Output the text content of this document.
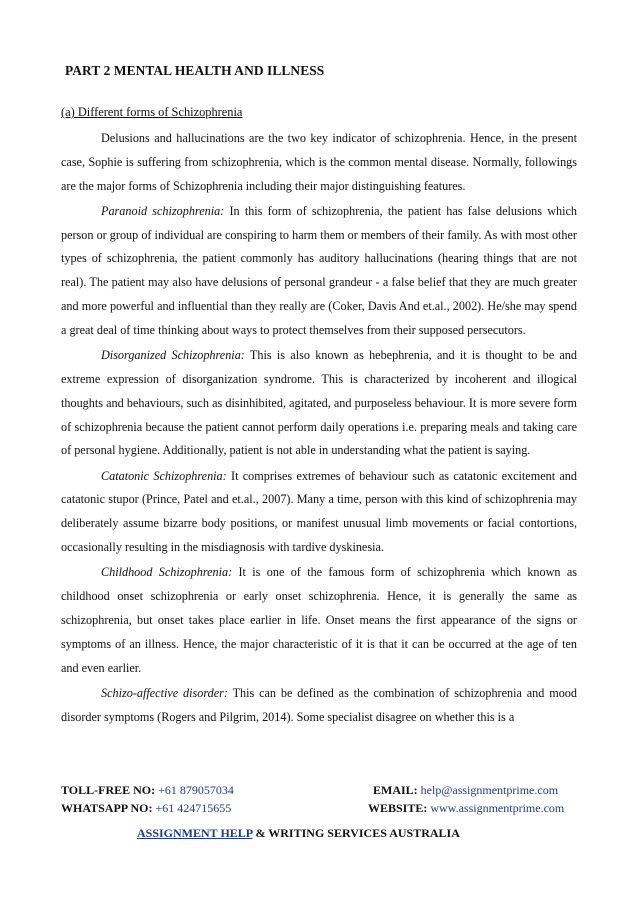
PART 2 MENTAL HEALTH AND ILLNESS
(a) Different forms of Schizophrenia

Delusions and hallucinations are the two key indicator of schizophrenia. Hence, in the present case, Sophie is suffering from schizophrenia, which is the common mental disease. Normally, followings are the major forms of Schizophrenia including their major distinguishing features.

Paranoid schizophrenia: In this form of schizophrenia, the patient has false delusions which person or group of individual are conspiring to harm them or members of their family. As with most other types of schizophrenia, the patient commonly has auditory hallucinations (hearing things that are not real). The patient may also have delusions of personal grandeur - a false belief that they are much greater and more powerful and influential than they really are (Coker, Davis And et.al., 2002). He/she may spend a great deal of time thinking about ways to protect themselves from their supposed persecutors.

Disorganized Schizophrenia: This is also known as hebephrenia, and it is thought to be and extreme expression of disorganization syndrome. This is characterized by incoherent and illogical thoughts and behaviours, such as disinhibited, agitated, and purposeless behaviour. It is more severe form of schizophrenia because the patient cannot perform daily operations i.e. preparing meals and taking care of personal hygiene. Additionally, patient is not able in understanding what the patient is saying.

Catatonic Schizophrenia: It comprises extremes of behaviour such as catatonic excitement and catatonic stupor (Prince, Patel and et.al., 2007). Many a time, person with this kind of schizophrenia may deliberately assume bizarre body positions, or manifest unusual limb movements or facial contortions, occasionally resulting in the misdiagnosis with tardive dyskinesia.

Childhood Schizophrenia: It is one of the famous form of schizophrenia which known as childhood onset schizophrenia or early onset schizophrenia. Hence, it is generally the same as schizophrenia, but onset takes place earlier in life. Onset means the first appearance of the signs or symptoms of an illness. Hence, the major characteristic of it is that it can be occurred at the age of ten and even earlier.

Schizo-affective disorder: This can be defined as the combination of schizophrenia and mood disorder symptoms (Rogers and Pilgrim, 2014). Some specialist disagree on whether this is a

TOLL-FREE NO: +61 879057034	EMAIL: help@assignmentprime.com
WHATSAPP NO: +61 424715655	WEBSITE: www.assignmentprime.com
ASSIGNMENT HELP & WRITING SERVICES AUSTRALIA
